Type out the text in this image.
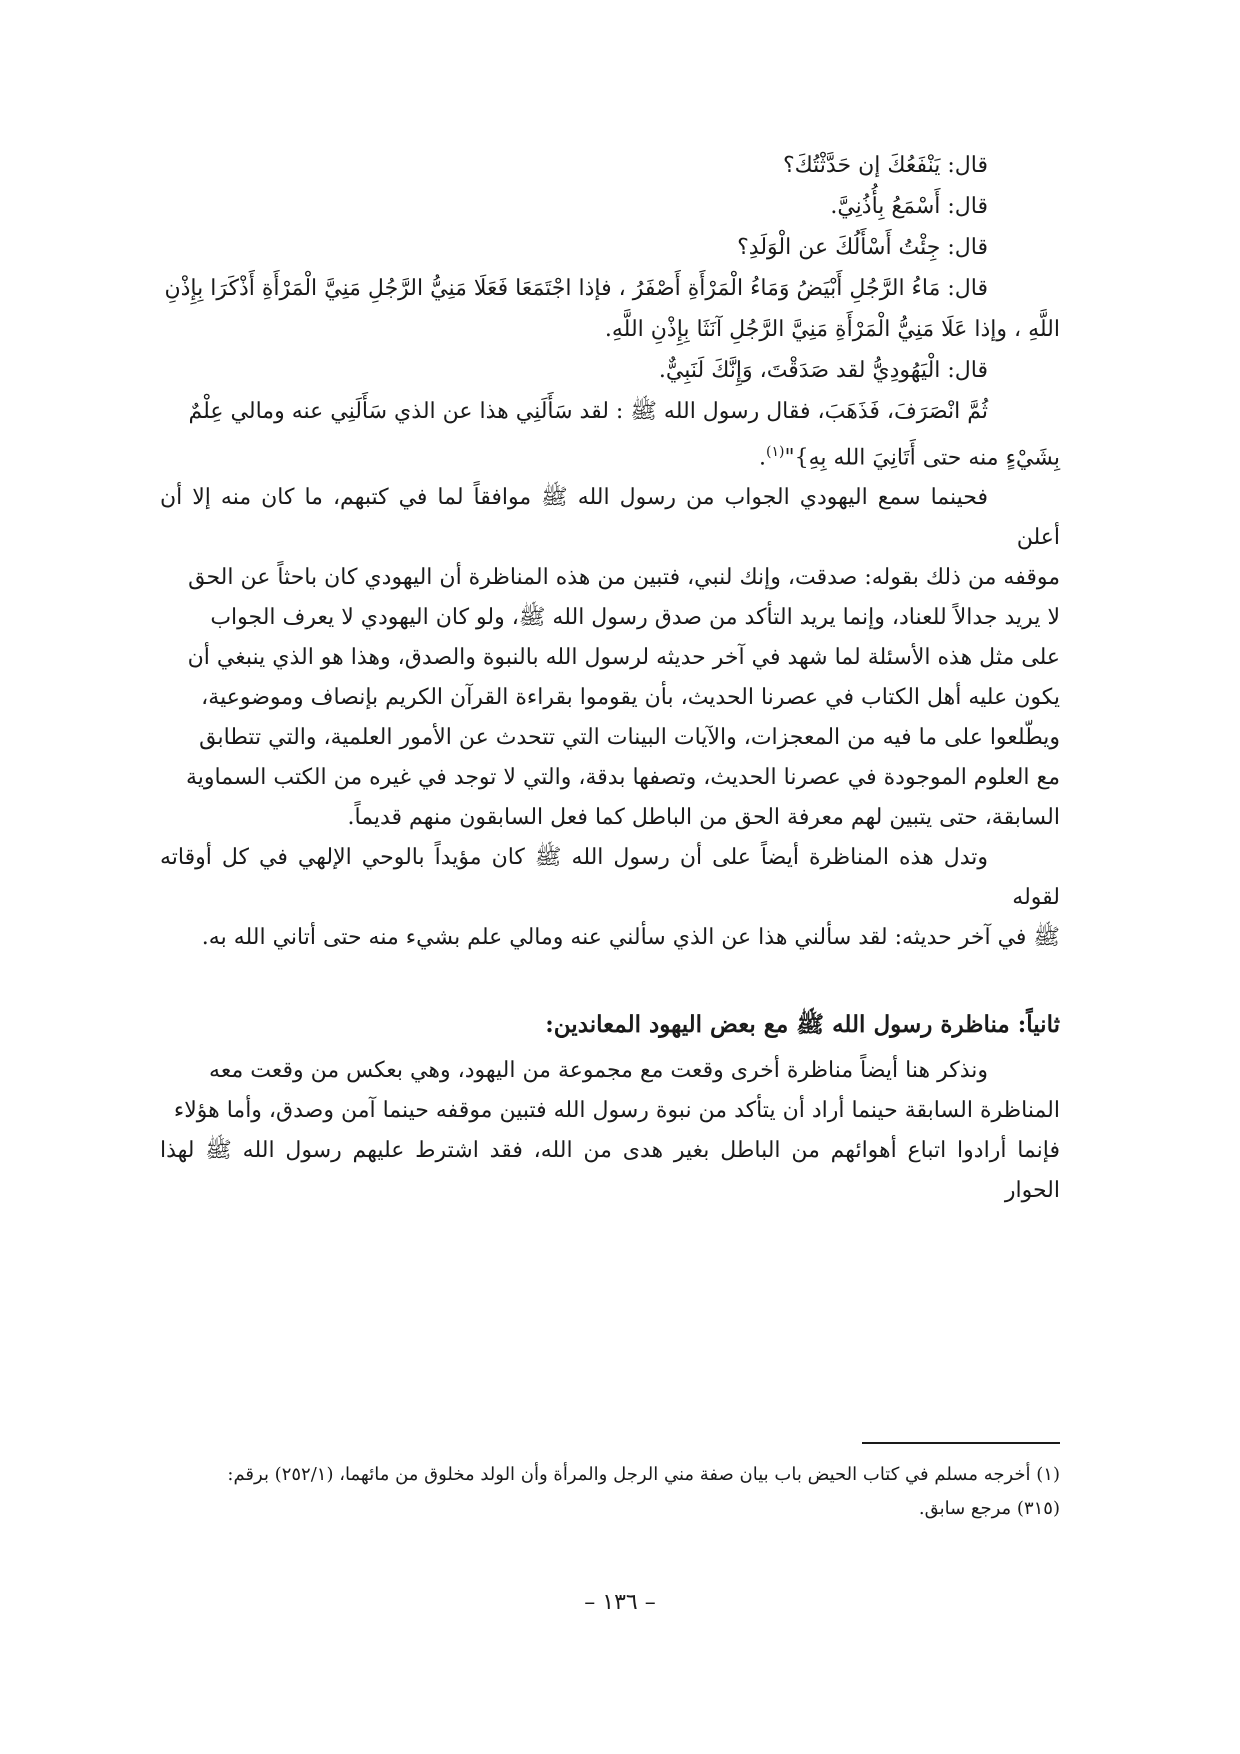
قال: يَنْفَعُكَ إن حَدَّثْتُكَ؟

قال: أَسْمَعُ بِأُذُنِيَّ.

قال: جِئْتُ أَسْأَلُكَ عن الْوَلَدِ؟

قال: مَاءُ الرَّجُلِ أَبْيَضُ وَمَاءُ الْمَرْأَةِ أَصْفَرُ ، فإذا اجْتَمَعَا فَعَلَا مَنِيُّ الرَّجُلِ مَنِيَّ الْمَرْأَةِ أَذْكَرَا بِإِذْنِ

اللَّهِ ، وإذا عَلَا مَنِيُّ الْمَرْأَةِ مَنِيَّ الرَّجُلِ آنَثَا بِإِذْنِ اللَّهِ.

قال: الْيَهُودِيُّ لقد صَدَقْتَ، وَإِنَّكَ لَنَبِيٌّ.

ثُمَّ انْصَرَفَ، فَذَهَبَ، فقال رسول الله ﷺ : لقد سَأَلَنِي هذا عن الذي سَأَلَنِي عنه ومالي عِلْمٌ

بِشَيْءٍ منه حتى أَتَانِيَ الله بِهِ}"$^{(١)}$.

فحينما سمع اليهودي الجواب من رسول الله ﷺ موافقاً لما في كتبهم، ما كان منه إلا أن أعلن

موقفه من ذلك بقوله: صدقت، وإنك لنبي، فتبين من هذه المناظرة أن اليهودي كان باحثاً عن الحق

لا يريد جدالاً للعناد، وإنما يريد التأكد من صدق رسول الله ﷺ، ولو كان اليهودي لا يعرف الجواب

على مثل هذه الأسئلة لما شهد في آخر حديثه لرسول الله بالنبوة والصدق، وهذا هو الذي ينبغي أن

يكون عليه أهل الكتاب في عصرنا الحديث، بأن يقوموا بقراءة القرآن الكريم بإنصاف وموضوعية،

ويطّلعوا على ما فيه من المعجزات، والآيات البينات التي تتحدث عن الأمور العلمية، والتي تتطابق

مع العلوم الموجودة في عصرنا الحديث، وتصفها بدقة، والتي لا توجد في غيره من الكتب السماوية

السابقة، حتى يتبين لهم معرفة الحق من الباطل كما فعل السابقون منهم قديماً.

وتدل هذه المناظرة أيضاً على أن رسول الله ﷺ كان مؤيداً بالوحي الإلهي في كل أوقاته لقوله

ﷺ في آخر حديثه: لقد سألني هذا عن الذي سألني عنه ومالي علم بشيء منه حتى أتاني الله به.

ثانياً: مناظرة رسول الله ﷺ مع بعض اليهود المعاندين:

ونذكر هنا أيضاً مناظرة أخرى وقعت مع مجموعة من اليهود، وهي بعكس من وقعت معه

المناظرة السابقة حينما أراد أن يتأكد من نبوة رسول الله فتبين موقفه حينما آمن وصدق، وأما هؤلاء

فإنما أرادوا اتباع أهوائهم من الباطل بغير هدى من الله، فقد اشترط عليهم رسول الله ﷺ لهذا الحوار

(١) أخرجه مسلم في كتاب الحيض باب بيان صفة مني الرجل والمرأة وأن الولد مخلوق من مائهما، (٢٥٢/١) برقم:

(٣١٥) مرجع سابق.

– ١٣٦ –
